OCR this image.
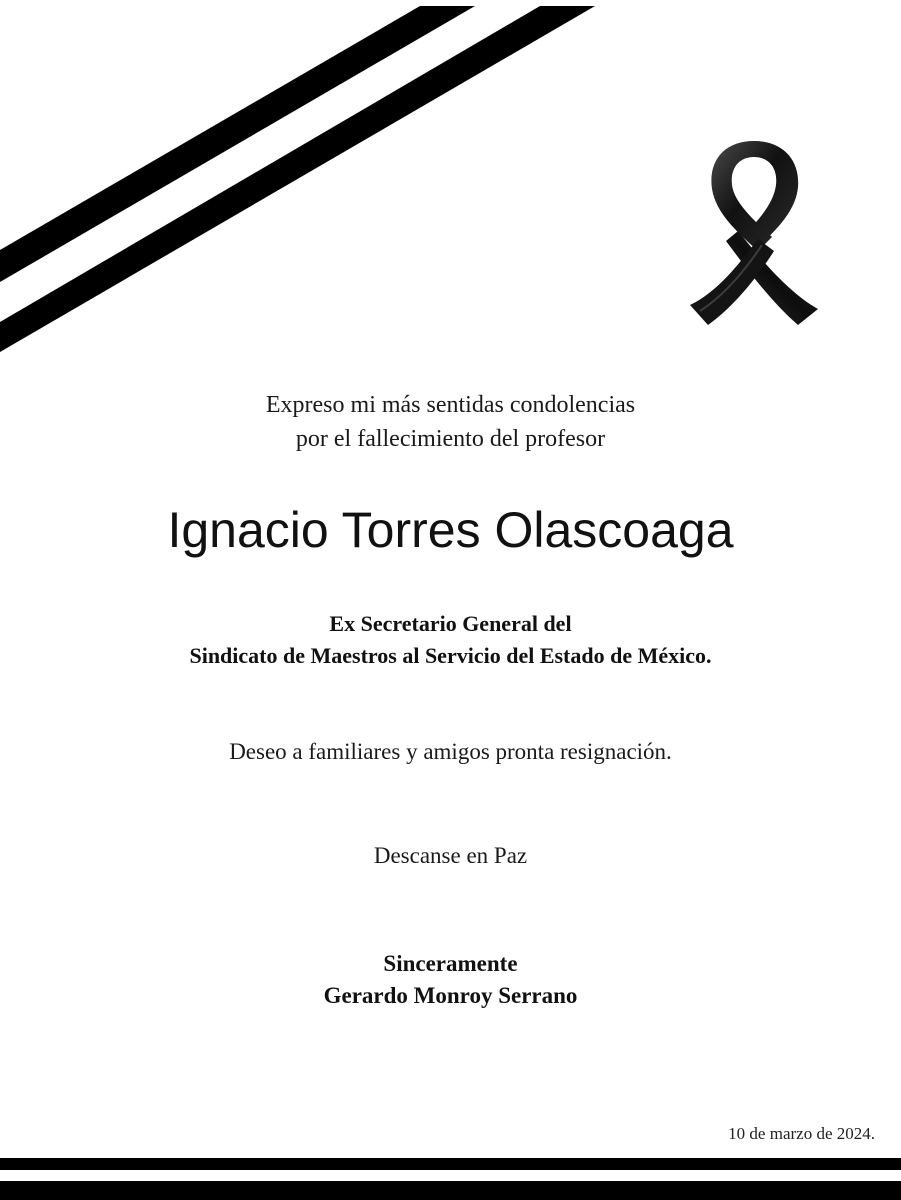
Expreso mi más sentidas condolencias
por el fallecimiento del profesor
Ignacio Torres Olascoaga
Ex Secretario General del
Sindicato de Maestros al Servicio del Estado de México.
Deseo a familiares y amigos pronta resignación.
Descanse en Paz
Sinceramente
Gerardo Monroy Serrano
10 de marzo de 2024.
